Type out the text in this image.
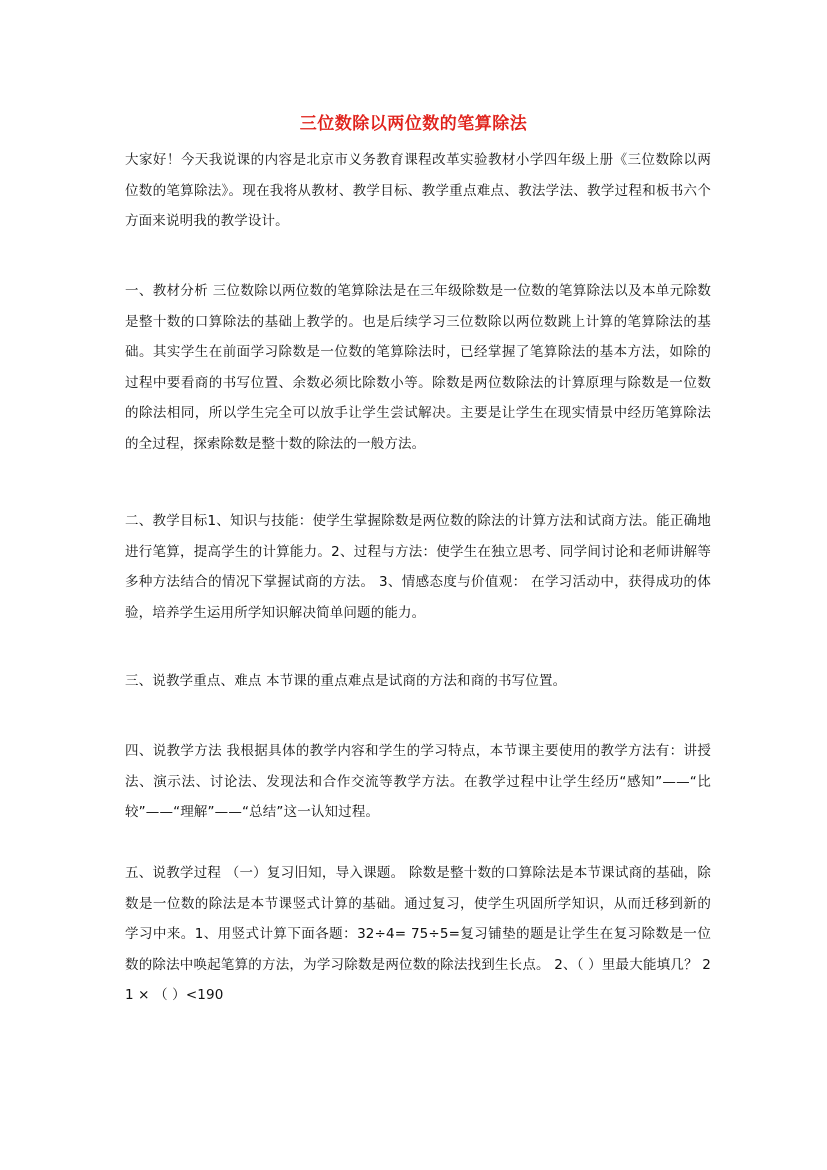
三位数除以两位数的笔算除法
大家好！今天我说课的内容是北京市义务教育课程改革实验教材小学四年级上册《三位数除以两位数的笔算除法》。现在我将从教材、教学目标、教学重点难点、教法学法、教学过程和板书六个方面来说明我的教学设计。
一、教材分析 三位数除以两位数的笔算除法是在三年级除数是一位数的笔算除法以及本单元除数是整十数的口算除法的基础上教学的。也是后续学习三位数除以两位数跳上计算的笔算除法的基础。其实学生在前面学习除数是一位数的笔算除法时，已经掌握了笔算除法的基本方法，如除的过程中要看商的书写位置、余数必须比除数小等。除数是两位数除法的计算原理与除数是一位数的除法相同，所以学生完全可以放手让学生尝试解决。主要是让学生在现实情景中经历笔算除法的全过程，探索除数是整十数的除法的一般方法。
二、教学目标1、知识与技能：使学生掌握除数是两位数的除法的计算方法和试商方法。能正确地进行笔算，提高学生的计算能力。2、过程与方法：使学生在独立思考、同学间讨论和老师讲解等多种方法结合的情况下掌握试商的方法。 3、情感态度与价值观： 在学习活动中，获得成功的体验，培养学生运用所学知识解决简单问题的能力。
三、说教学重点、难点 本节课的重点难点是试商的方法和商的书写位置。
四、说教学方法 我根据具体的教学内容和学生的学习特点，本节课主要使用的教学方法有：讲授法、演示法、讨论法、发现法和合作交流等教学方法。在教学过程中让学生经历“感知”——“比较”——“理解”——“总结”这一认知过程。
五、说教学过程 （一）复习旧知，导入课题。 除数是整十数的口算除法是本节课试商的基础，除数是一位数的除法是本节课竖式计算的基础。通过复习，使学生巩固所学知识，从而迁移到新的学习中来。1、用竖式计算下面各题：32÷4= 75÷5=复习铺垫的题是让学生在复习除数是一位数的除法中唤起笔算的方法，为学习除数是两位数的除法找到生长点。 2、（ ）里最大能填几？ 21 × （ ）<190
